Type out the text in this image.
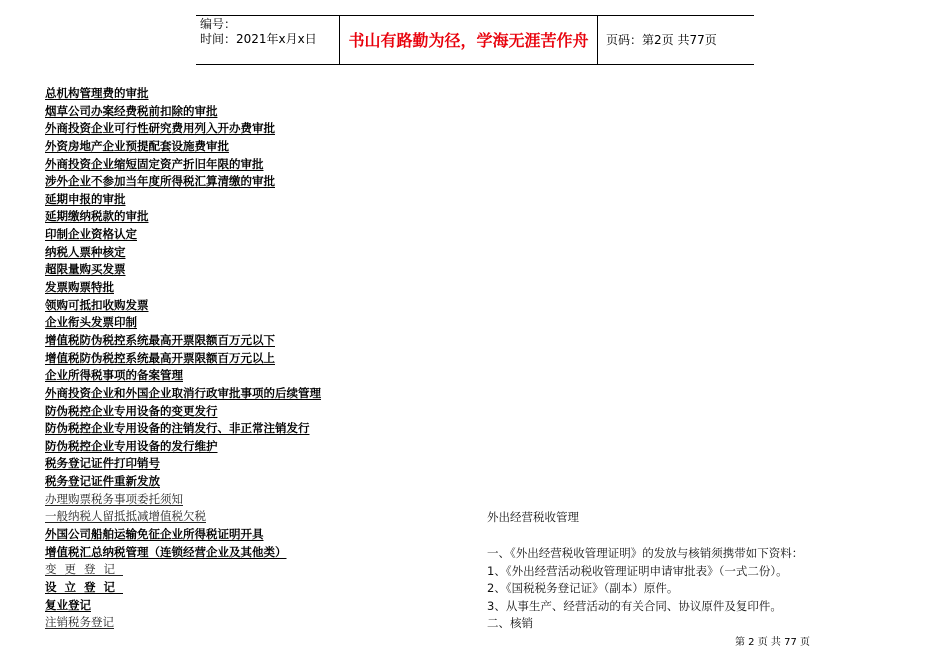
编号：
时间：2021年x月x日	书山有路勤为径，学海无涯苦作舟	页码：第2页 共77页
总机构管理费的审批
烟草公司办案经费税前扣除的审批
外商投资企业可行性研究费用列入开办费审批
外资房地产企业预提配套设施费审批
外商投资企业缩短固定资产折旧年限的审批
涉外企业不参加当年度所得税汇算清缴的审批
延期申报的审批
延期缴纳税款的审批
印制企业资格认定
纳税人票种核定
超限量购买发票
发票购票特批
领购可抵扣收购发票
企业衔头发票印制
增值税防伪税控系统最高开票限额百万元以下
增值税防伪税控系统最高开票限额百万元以上
企业所得税事项的备案管理
外商投资企业和外国企业取消行政审批事项的后续管理
防伪税控企业专用设备的变更发行
防伪税控企业专用设备的注销发行、非正常注销发行
防伪税控企业专用设备的发行维护
税务登记证件打印销号
税务登记证件重新发放
办理购票税务事项委托须知
一般纳税人留抵抵减增值税欠税
外国公司船舶运输免征企业所得税证明开具
增值税汇总纳税管理（连锁经营企业及其他类）
变更登记
设立登记
复业登记
注销税务登记
外出经营税收管理
一、《外出经营税收管理证明》的发放与核销须携带如下资料：
1、《外出经营活动税收管理证明申请审批表》（一式二份）。
2、《国税税务登记证》（副本）原件。
3、从事生产、经营活动的有关合同、协议原件及复印件。
二、核销
第 2 页 共 77 页
